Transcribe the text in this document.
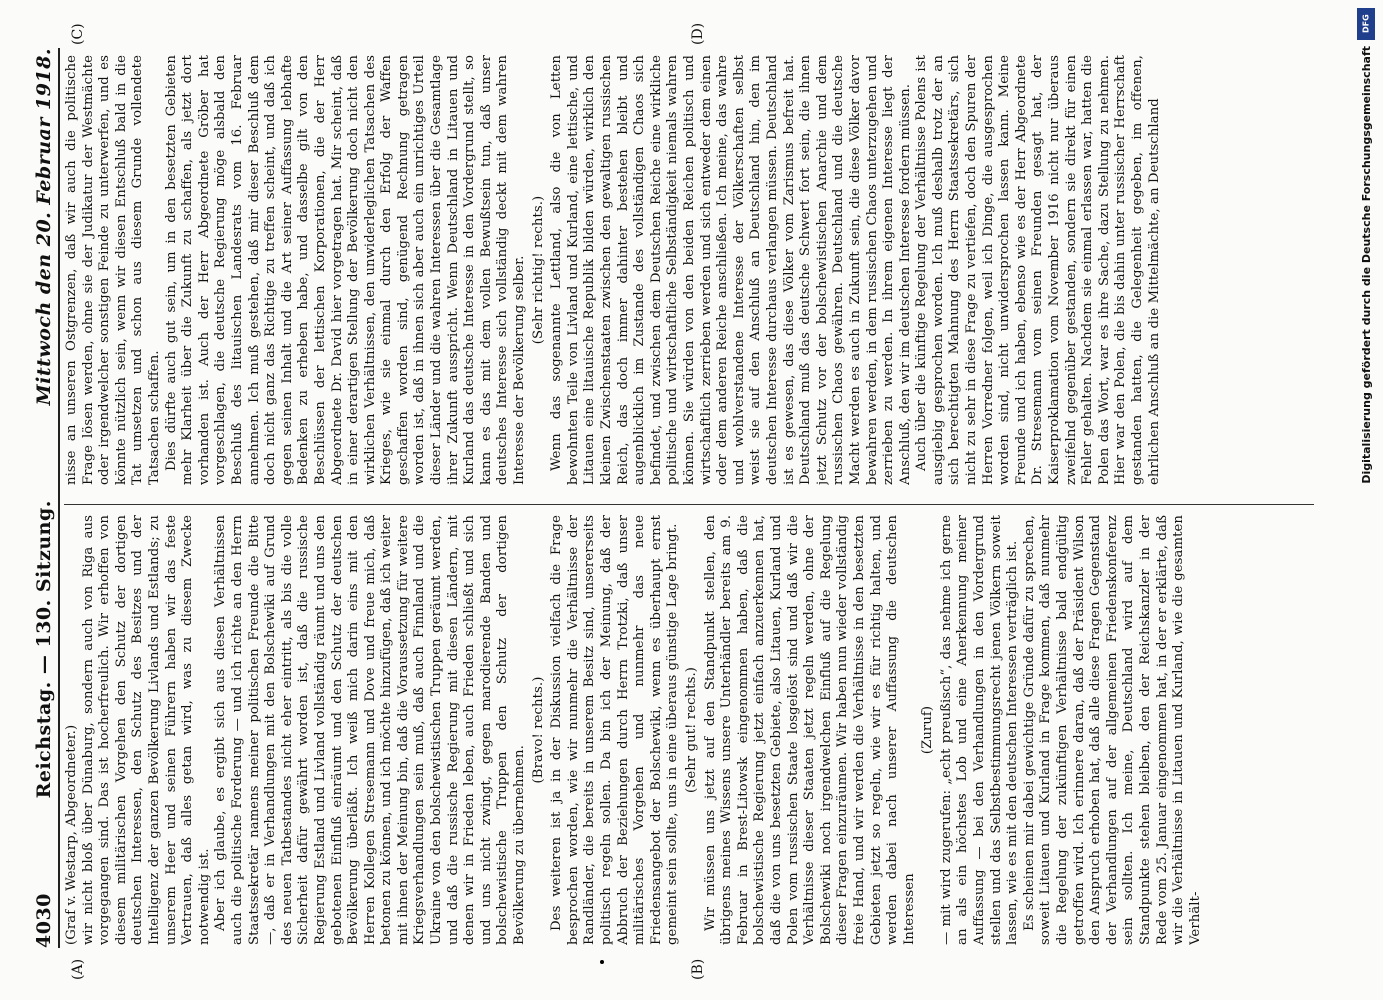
4030
Reichstag. — 130. Sitzung.
Mittwoch den 20. Februar 1918.
(A)	(B)
(C)	(D)

(Graf v. Westarp, Abgeordneter.) wir nicht bloß über Dünaburg, sondern auch von Riga aus vorgegangen sind. Das ist hocherfreulich. Wir erhoffen von diesem militärischen Vorgehen den Schutz der dortigen deutschen Interessen, den Schutz des Besitzes und der Intelligenz der ganzen Bevölkerung Livlands und Estlands; zu unserem Heer und seinen Führern haben wir das feste Vertrauen, daß alles getan wird, was zu diesem Zwecke notwendig ist. Aber ich glaube, es ergibt sich aus diesen Verhältnissen auch die politische Forderung — und ich richte an den Herrn Staatssekretär namens meiner politischen Freunde die Bitte —, daß er in Verhandlungen mit den Bolschewiki auf Grund des neuen Tatbestandes nicht eher eintritt, als bis die volle Sicherheit dafür gewährt worden ist, daß die russische Regierung Estland und Livland vollständig räumt und uns den gebotenen Einfluß einräumt und den Schutz der deutschen Bevölkerung überläßt. Ich weiß mich darin eins mit den Herren Kollegen Stresemann und Dove und freue mich, daß betonen zu können, und ich möchte hinzufügen, daß ich weiter mit ihnen der Meinung bin, daß die Voraussetzung für weitere Kriegsverhandlungen sein muß, daß auch Finnland und die Ukraine von den bolschewistischen Truppen geräumt werden, und daß die russische Regierung mit diesen Ländern, mit denen wir in Frieden leben, auch Frieden schließt und sich und uns nicht zwingt, gegen marodierende Banden und bolschewistische Truppen den Schutz der dortigen Bevölkerung zu übernehmen.

(Bravo! rechts.) Des weiteren ist ja in der Diskussion vielfach die Frage besprochen worden, wie wir nunmehr die Verhältnisse der Randländer, die bereits in unserem Besitz sind, unsererseits politisch regeln sollen. Da bin ich der Meinung, daß der Abbruch der Beziehungen durch Herrn Trotzki, daß unser militärisches Vorgehen und nunmehr das neue Friedensangebot der Bolschewiki, wenn es überhaupt ernst gemeint sein sollte, uns in eine überaus günstige Lage bringt. (Sehr gut! rechts.) Wir müssen uns jetzt auf den Standpunkt stellen, den übrigens meines Wissens unsere Unterhändler bereits am 9. Februar in Brest-Litowsk eingenommen haben, daß die bolschewistische Regierung jetzt einfach anzuerkennen hat, daß die von uns besetzten Gebiete, also Litauen, Kurland und Polen vom russischen Staate losgelöst sind und daß wir die Verhältnisse dieser Staaten jetzt regeln werden, ohne der Bolschewiki noch irgendwelchen Einfluß auf die Regelung dieser Fragen einzuräumen. Wir haben nun wieder vollständig freie Hand, und wir werden die Verhältnisse in den besetzten Gebieten jetzt so regeln, wie wir es für richtig halten, und werden dabei nach unserer Auffassung die deutschen Interessen

(Zuruf) — mit wird zugerufen: „echt preußisch“, das nehme ich gerne an als ein höchstes Lob und eine Anerkennung meiner Auffassung — bei den Verhandlungen in den Vordergrund stellen und das Selbstbestimmungsrecht jenen Völkern soweit lassen, wie es mit den deutschen Interessen verträglich ist. Es scheinen mir dabei gewichtige Gründe dafür zu sprechen, soweit Litauen und Kurland in Frage kommen, daß nunmehr die Regelung der zukünftigen Verhältnisse bald endgültig getroffen wird. Ich erinnere daran, daß der Präsident Wilson den Anspruch erhoben hat, daß alle diese Fragen Gegenstand der Verhandlungen auf der allgemeinen Friedenskonferenz sein sollten. Ich meine, Deutschland wird auf dem Standpunkte stehen bleiben, den der Reichskanzler in der Rede vom 25. Januar eingenommen hat, in der er erklärte, daß wir die Verhältnisse in Litauen und Kurland, wie die gesamten Verhält-

nisse an unseren Ostgrenzen, daß wir auch die politische Frage lösen werden, ohne sie der Judikatur der Westmächte oder irgendwelcher sonstigen Feinde zu unterwerfen, und es könnte nützlich sein, wenn wir diesen Entschluß bald in die Tat umsetzen und schon aus diesem Grunde vollendete Tatsachen schaffen. Dies dürfte auch gut sein, um in den besetzten Gebieten mehr Klarheit über die Zukunft zu schaffen, als jetzt dort vorhanden ist. Auch der Herr Abgeordnete Gröber hat vorgeschlagen, die deutsche Regierung möge alsbald den Beschluß des litauischen Landesrats vom 16. Februar annehmen. Ich muß gestehen, daß mir dieser Beschluß dem doch nicht ganz das Richtige zu treffen scheint, und daß ich gegen seinen Inhalt und die Art seiner Auffassung lebhafte Bedenken zu erheben habe, und dasselbe gilt von den Beschlüssen der lettischen Korporationen, die der Herr Abgeordnete Dr. David hier vorgetragen hat. Mir scheint, daß in einer derartigen Stellung der Bevölkerung doch nicht den wirklichen Verhältnissen, den unwiderleglichen Tatsachen des Krieges, wie sie einmal durch den Erfolg der Waffen geschaffen worden sind, genügend Rechnung getragen worden ist, daß in ihnen sich aber auch ein unrichtiges Urteil dieser Länder und die wahren Interessen über die Gesamtlage ihrer Zukunft ausspricht. Wenn Deutschland in Litauen und Kurland das deutsche Interesse in den Vordergrund stellt, so kann es das mit dem vollen Bewußtsein tun, daß unser deutsches Interesse sich vollständig deckt mit dem wahren Interesse der Bevölkerung selber. (Sehr richtig! rechts.) Wenn das sogenannte Lettland, also die von Letten bewohnten Teile von Livland und Kurland, eine lettische, und Litauen eine litauische Republik bilden würden, wirklich den kleinen Zwischenstaaten zwischen den gewaltigen russischen Reich, das doch immer dahinter bestehen bleibt und augenblicklich im Zustande des vollständigen Chaos sich befindet, und zwischen dem Deutschen Reiche eine wirkliche politische und wirtschaftliche Selbständigkeit niemals wahren können. Sie würden von den beiden Reichen politisch und wirtschaftlich zerrieben werden und sich entweder dem einen oder dem anderen Reiche anschließen. Ich meine, das wahre und wohlverstandene Interesse der Völkerschaften selbst weist sie auf den Anschluß an Deutschland hin, den im deutschen Interesse durchaus verlangen müssen. Deutschland ist es gewesen, das diese Völker vom Zarismus befreit hat. Deutschland muß das deutsche Schwert fort sein, die ihnen jetzt Schutz vor der bolschewistischen Anarchie und dem russischen Chaos gewähren. Deutschland und die deutsche Macht werden es auch in Zukunft sein, die diese Völker davor bewahren werden, in dem russischen Chaos unterzugehen und zerrieben zu werden. In ihrem eigenen Interesse liegt der Anschluß, den wir im deutschen Interesse fordern müssen. Auch über die künftige Regelung der Verhältnisse Polens ist ausgiebig gesprochen worden. Ich muß deshalb trotz der an sich berechtigten Mahnung des Herrn Staatssekretärs, sich nicht zu sehr in diese Frage zu vertiefen, doch den Spuren der Herren Vorredner folgen, weil ich Dinge, die ausgesprochen worden sind, nicht unwidersprochen lassen kann. Meine Freunde und ich haben, ebenso wie es der Herr Abgeordnete Dr. Stresemann vom seinen Freunden gesagt hat, der Kaiserproklamation vom November 1916 nicht nur überaus zweifelnd gegenüber gestanden, sondern sie direkt für einen Fehler gehalten. Nachdem sie einmal erlassen war, hatten die Polen das Wort, war es ihre Sache, dazu Stellung zu nehmen. Hier war den Polen, die bis dahin unter russischer Herrschaft gestanden hatten, die Gelegenheit gegeben, im offenen, ehrlichen Anschluß an die Mittelmächte, an Deutschland

DFG
Digitalisierung gefördert durch die Deutsche Forschungsgemeinschaft
